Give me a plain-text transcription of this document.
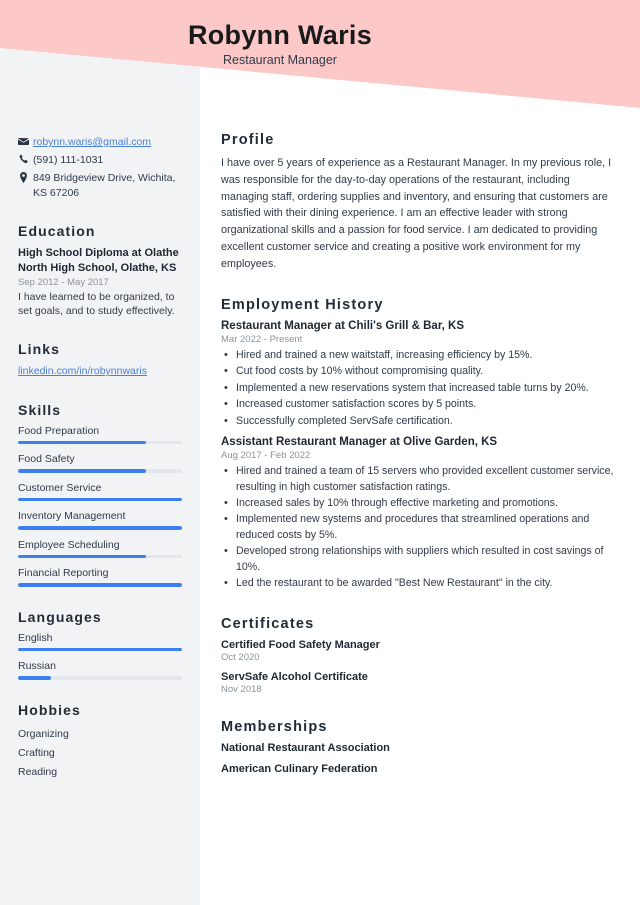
Robynn Waris
Restaurant Manager
robynn.waris@gmail.com
(591) 111-1031
849 Bridgeview Drive, Wichita, KS 67206
Education
High School Diploma at Olathe North High School, Olathe, KS
Sep 2012 - May 2017
I have learned to be organized, to set goals, and to study effectively.
Links
linkedin.com/in/robynnwaris
Skills
Food Preparation
Food Safety
Customer Service
Inventory Management
Employee Scheduling
Financial Reporting
Languages
English
Russian
Hobbies
Organizing
Crafting
Reading
Profile
I have over 5 years of experience as a Restaurant Manager. In my previous role, I was responsible for the day-to-day operations of the restaurant, including managing staff, ordering supplies and inventory, and ensuring that customers are satisfied with their dining experience. I am an effective leader with strong organizational skills and a passion for food service. I am dedicated to providing excellent customer service and creating a positive work environment for my employees.
Employment History
Restaurant Manager at Chili's Grill & Bar, KS
Mar 2022 - Present
• Hired and trained a new waitstaff, increasing efficiency by 15%.
• Cut food costs by 10% without compromising quality.
• Implemented a new reservations system that increased table turns by 20%.
• Increased customer satisfaction scores by 5 points.
• Successfully completed ServSafe certification.
Assistant Restaurant Manager at Olive Garden, KS
Aug 2017 - Feb 2022
• Hired and trained a team of 15 servers who provided excellent customer service, resulting in high customer satisfaction ratings.
• Increased sales by 10% through effective marketing and promotions.
• Implemented new systems and procedures that streamlined operations and reduced costs by 5%.
• Developed strong relationships with suppliers which resulted in cost savings of 10%.
• Led the restaurant to be awarded "Best New Restaurant" in the city.
Certificates
Certified Food Safety Manager
Oct 2020
ServSafe Alcohol Certificate
Nov 2018
Memberships
National Restaurant Association
American Culinary Federation
